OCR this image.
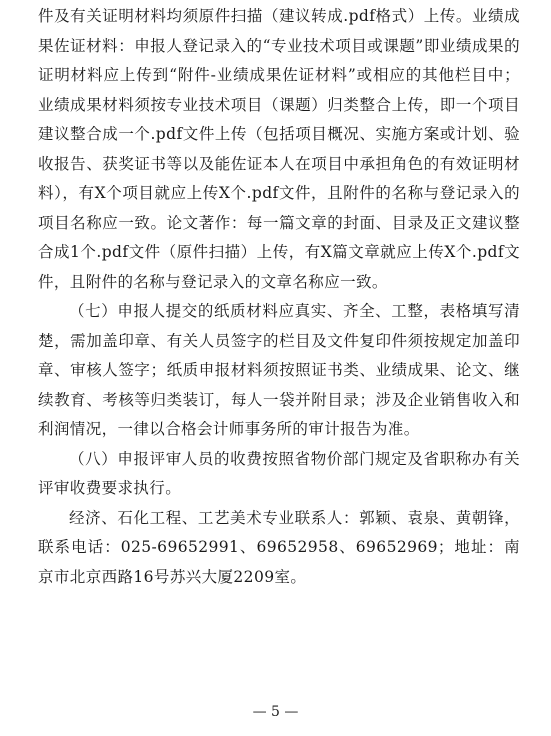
件及有关证明材料均须原件扫描（建议转成.pdf格式）上传。业绩成果佐证材料：申报人登记录入的“专业技术项目或课题”即业绩成果的证明材料应上传到“附件-业绩成果佐证材料”或相应的其他栏目中；业绩成果材料须按专业技术项目（课题）归类整合上传，即一个项目建议整合成一个.pdf文件上传（包括项目概况、实施方案或计划、验收报告、获奖证书等以及能佐证本人在项目中承担角色的有效证明材料），有X个项目就应上传X个.pdf文件，且附件的名称与登记录入的项目名称应一致。论文著作：每一篇文章的封面、目录及正文建议整合成1个.pdf文件（原件扫描）上传，有X篇文章就应上传X个.pdf文件，且附件的名称与登记录入的文章名称应一致。

（七）申报人提交的纸质材料应真实、齐全、工整，表格填写清楚，需加盖印章、有关人员签字的栏目及文件复印件须按规定加盖印章、审核人签字；纸质申报材料须按照证书类、业绩成果、论文、继续教育、考核等归类装订，每人一袋并附目录；涉及企业销售收入和利润情况，一律以合格会计师事务所的审计报告为准。

（八）申报评审人员的收费按照省物价部门规定及省职称办有关评审收费要求执行。

经济、石化工程、工艺美术专业联系人：郭颖、袁泉、黄朝锋，联系电话：025-69652991、69652958、69652969；地址：南京市北京西路16号苏兴大厦2209室。

— 5 —
